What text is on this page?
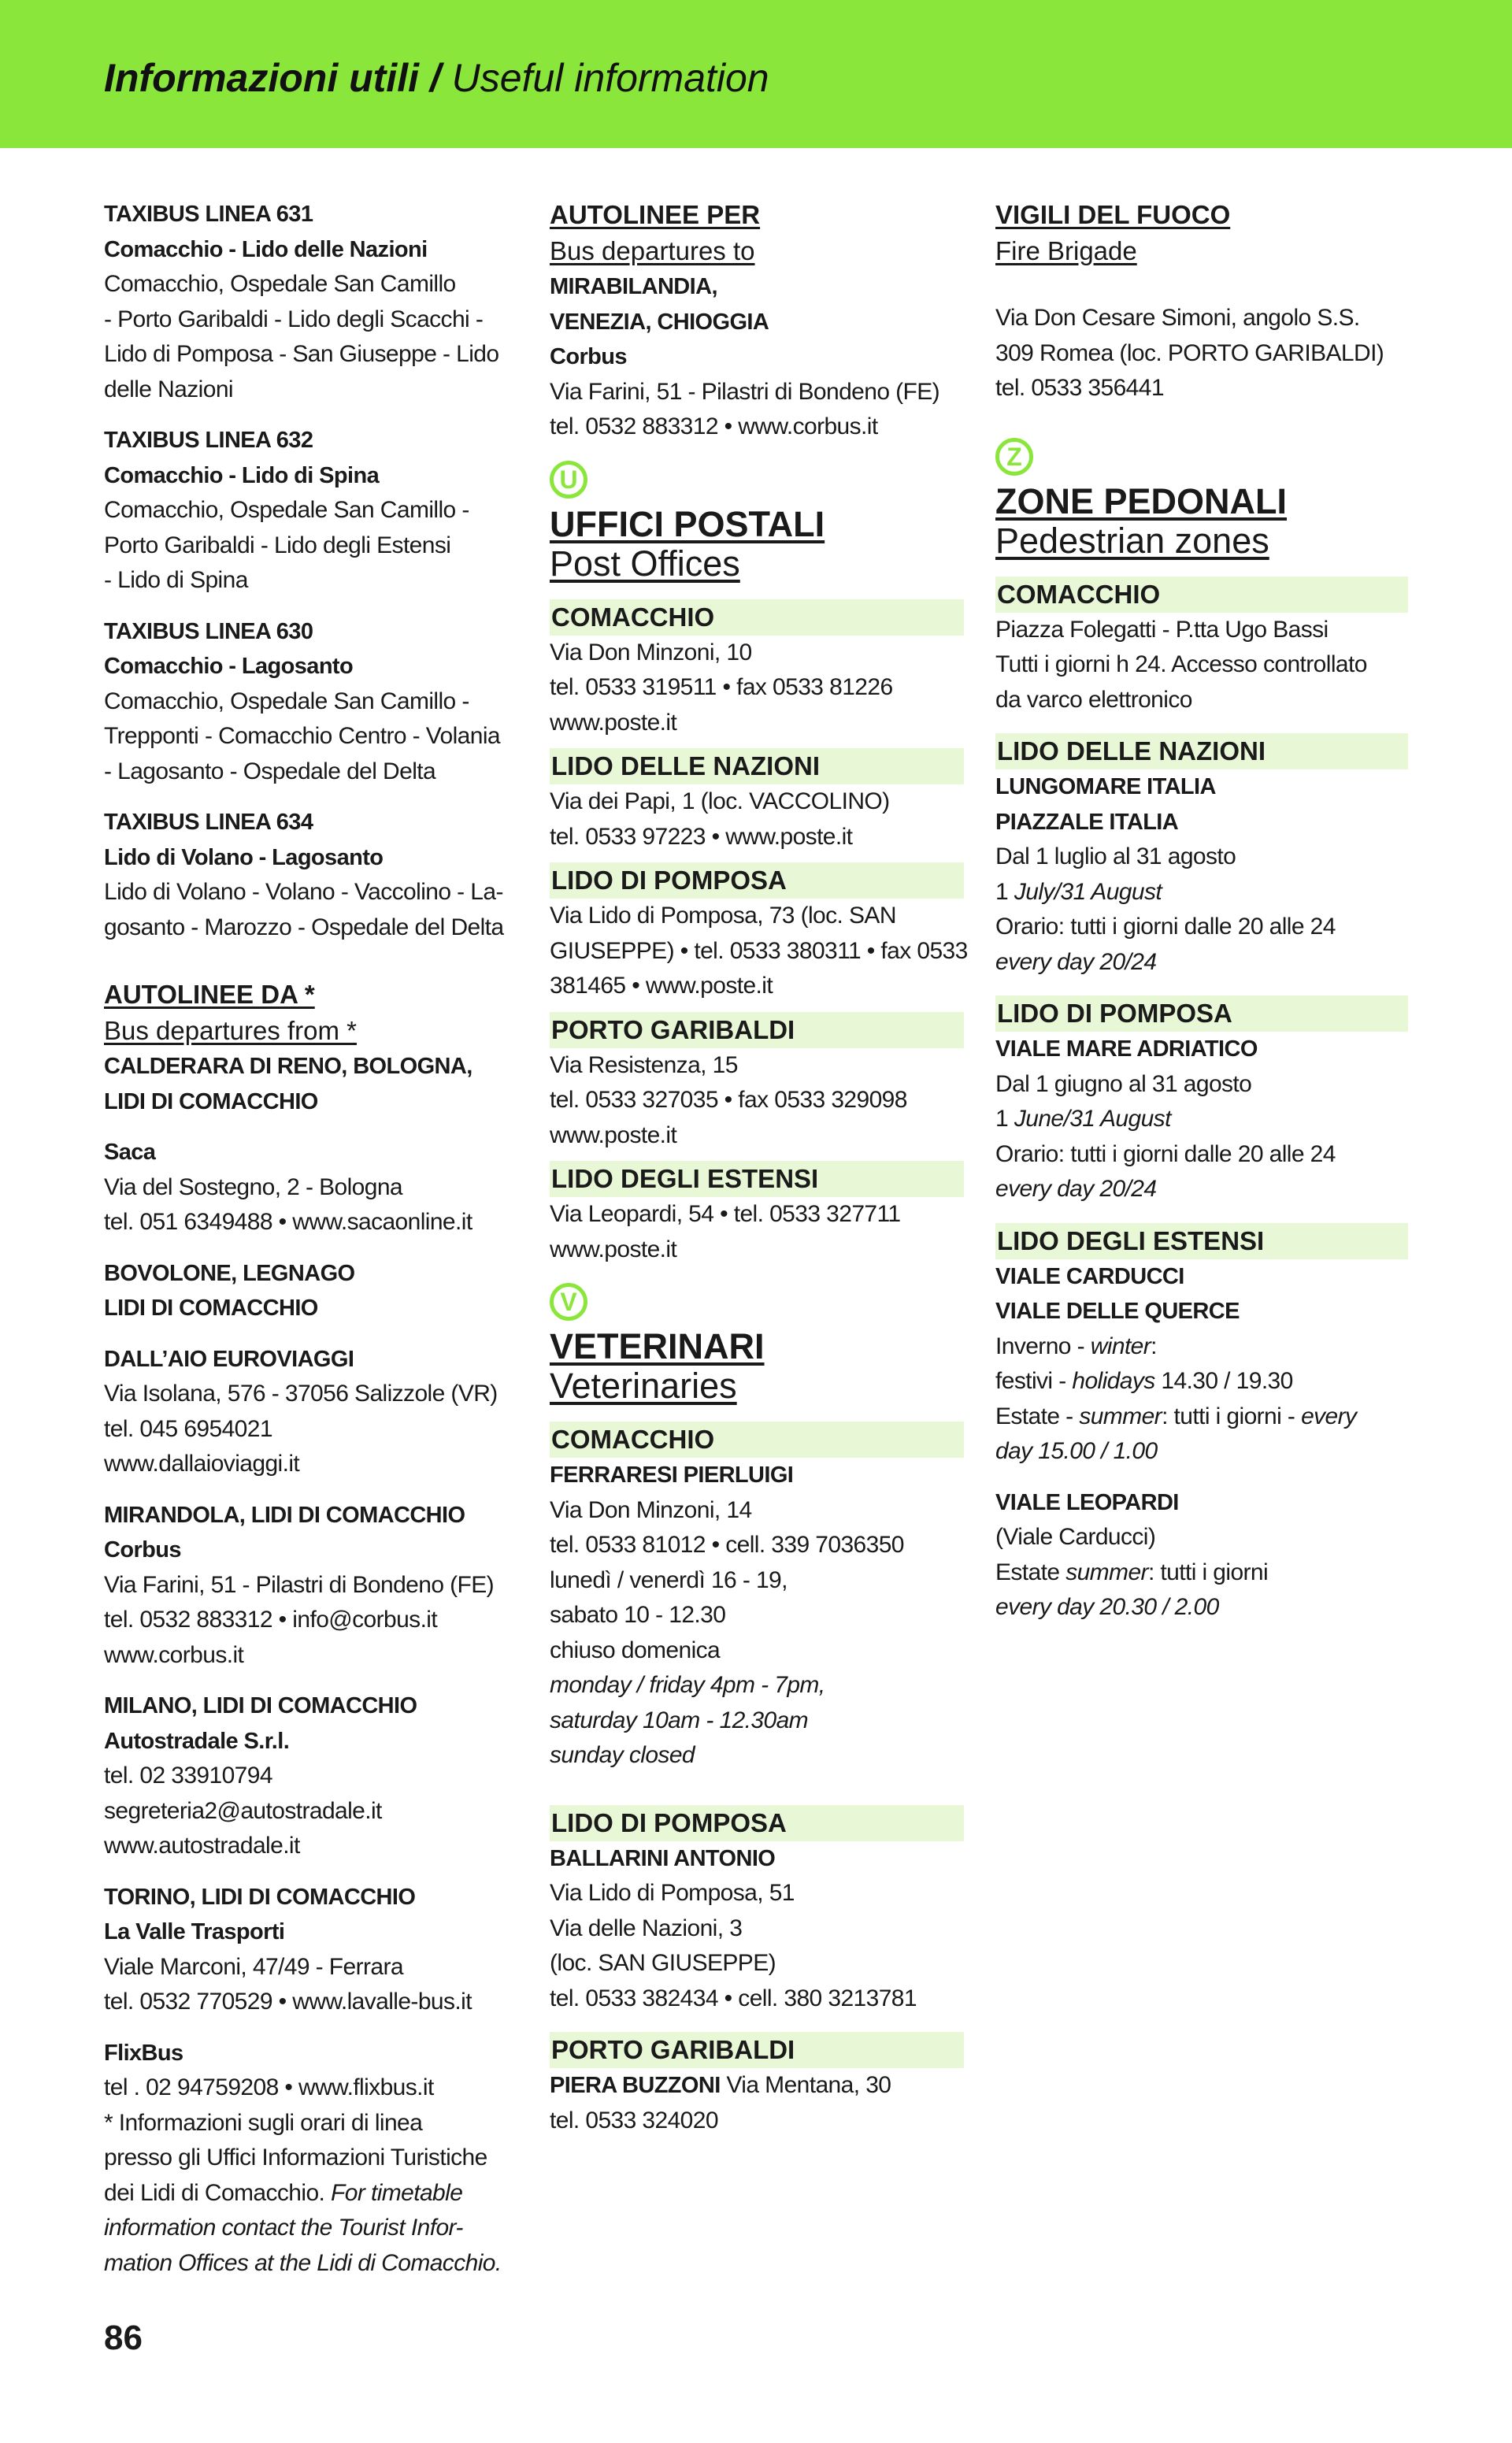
Informazioni utili / Useful information
TAXIBUS LINEA 631
Comacchio - Lido delle Nazioni
Comacchio, Ospedale San Camillo
- Porto Garibaldi - Lido degli Scacchi -
Lido di Pomposa - San Giuseppe - Lido
delle Nazioni
TAXIBUS LINEA 632
Comacchio - Lido di Spina
Comacchio, Ospedale San Camillo -
Porto Garibaldi - Lido degli Estensi
- Lido di Spina
TAXIBUS LINEA 630
Comacchio - Lagosanto
Comacchio, Ospedale San Camillo -
Trepponti - Comacchio Centro - Volania
- Lagosanto - Ospedale del Delta
TAXIBUS LINEA 634
Lido di Volano - Lagosanto
Lido di Volano - Volano - Vaccolino - La-
gosanto - Marozzo - Ospedale del Delta
AUTOLINEE DA *
Bus departures from *
CALDERARA DI RENO, BOLOGNA,
LIDI DI COMACCHIO
Saca
Via del Sostegno, 2 - Bologna
tel. 051 6349488 • www.sacaonline.it
BOVOLONE, LEGNAGO
LIDI DI COMACCHIO
DALL’AIO EUROVIAGGI
Via Isolana, 576 - 37056 Salizzole (VR)
tel. 045 6954021
www.dallaioviaggi.it
MIRANDOLA, LIDI DI COMACCHIO
Corbus
Via Farini, 51 - Pilastri di Bondeno (FE)
tel. 0532 883312 • info@corbus.it
www.corbus.it
MILANO, LIDI DI COMACCHIO
Autostradale S.r.l.
tel. 02 33910794
segreteria2@autostradale.it
www.autostradale.it
TORINO, LIDI DI COMACCHIO
La Valle Trasporti
Viale Marconi, 47/49 - Ferrara
tel. 0532 770529 • www.lavalle-bus.it
FlixBus
tel . 02 94759208 • www.flixbus.it
* Informazioni sugli orari di linea
presso gli Uffici Informazioni Turistiche
dei Lidi di Comacchio. For timetable
information contact the Tourist Infor-
mation Offices at the Lidi di Comacchio.
AUTOLINEE PER
Bus departures to
MIRABILANDIA,
VENEZIA, CHIOGGIA
Corbus
Via Farini, 51 - Pilastri di Bondeno (FE)
tel. 0532 883312 • www.corbus.it
U
UFFICI POSTALI
Post Offices
COMACCHIO
Via Don Minzoni, 10
tel. 0533 319511 • fax 0533 81226
www.poste.it
LIDO DELLE NAZIONI
Via dei Papi, 1 (loc. VACCOLINO)
tel. 0533 97223 • www.poste.it
LIDO DI POMPOSA
Via Lido di Pomposa, 73 (loc. SAN
GIUSEPPE) • tel. 0533 380311 • fax 0533
381465 • www.poste.it
PORTO GARIBALDI
Via Resistenza, 15
tel. 0533 327035 • fax 0533 329098
www.poste.it
LIDO DEGLI ESTENSI
Via Leopardi, 54 • tel. 0533 327711
www.poste.it
V
VETERINARI
Veterinaries
COMACCHIO
FERRARESI PIERLUIGI
Via Don Minzoni, 14
tel. 0533 81012 • cell. 339 7036350
lunedì / venerdì 16 - 19,
sabato 10 - 12.30
chiuso domenica
monday / friday 4pm - 7pm,
saturday 10am - 12.30am
sunday closed
LIDO DI POMPOSA
BALLARINI ANTONIO
Via Lido di Pomposa, 51
Via delle Nazioni, 3
(loc. SAN GIUSEPPE)
tel. 0533 382434 • cell. 380 3213781
PORTO GARIBALDI
PIERA BUZZONI Via Mentana, 30
tel. 0533 324020
VIGILI DEL FUOCO
Fire Brigade
Via Don Cesare Simoni, angolo S.S.
309 Romea (loc. PORTO GARIBALDI)
tel. 0533 356441
Z
ZONE PEDONALI
Pedestrian zones
COMACCHIO
Piazza Folegatti - P.tta Ugo Bassi
Tutti i giorni h 24. Accesso controllato
da varco elettronico
LIDO DELLE NAZIONI
LUNGOMARE ITALIA
PIAZZALE ITALIA
Dal 1 luglio al 31 agosto
1 July/31 August
Orario: tutti i giorni dalle 20 alle 24
every day 20/24
LIDO DI POMPOSA
VIALE MARE ADRIATICO
Dal 1 giugno al 31 agosto
1 June/31 August
Orario: tutti i giorni dalle 20 alle 24
every day 20/24
LIDO DEGLI ESTENSI
VIALE CARDUCCI
VIALE DELLE QUERCE
Inverno - winter:
festivi - holidays 14.30 / 19.30
Estate - summer: tutti i giorni - every
day 15.00 / 1.00
VIALE LEOPARDI
(Viale Carducci)
Estate summer: tutti i giorni
every day 20.30 / 2.00
86
